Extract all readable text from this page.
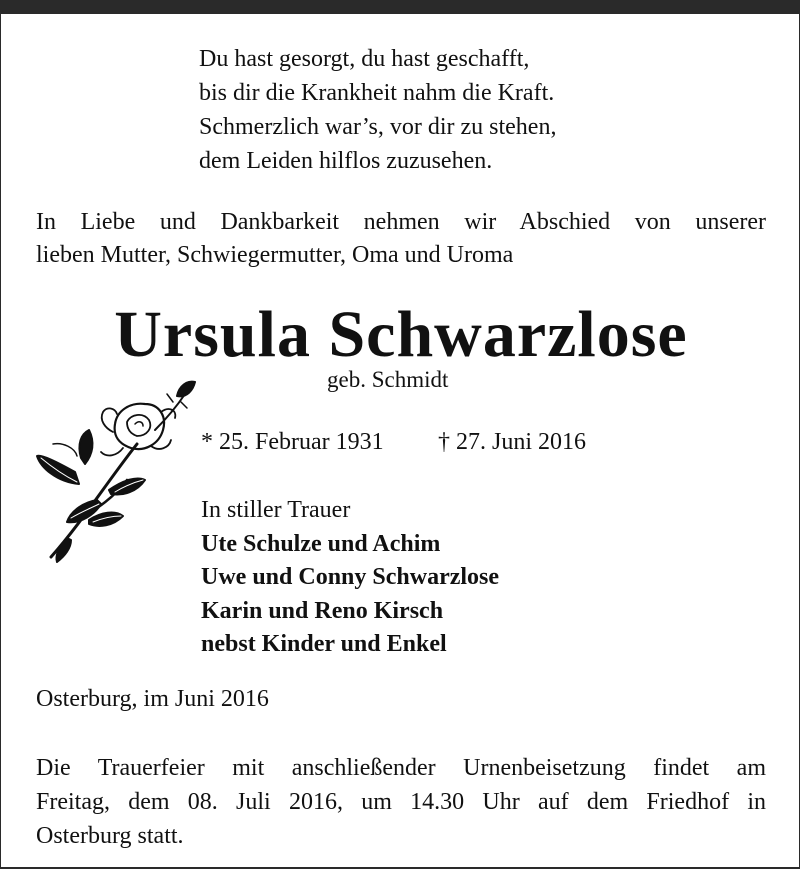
Du hast gesorgt, du hast geschafft,
bis dir die Krankheit nahm die Kraft.
Schmerzlich war’s, vor dir zu stehen,
dem Leiden hilflos zuzusehen.
In Liebe und Dankbarkeit nehmen wir Abschied von unserer
lieben Mutter, Schwiegermutter, Oma und Uroma
Ursula Schwarzlose
geb. Schmidt
* 25. Februar 1931 † 27. Juni 2016
In stiller Trauer
Ute Schulze und Achim
Uwe und Conny Schwarzlose
Karin und Reno Kirsch
nebst Kinder und Enkel
Osterburg, im Juni 2016
Die Trauerfeier mit anschließender Urnenbeisetzung findet am
Freitag, dem 08. Juli 2016, um 14.30 Uhr auf dem Friedhof in
Osterburg statt.
